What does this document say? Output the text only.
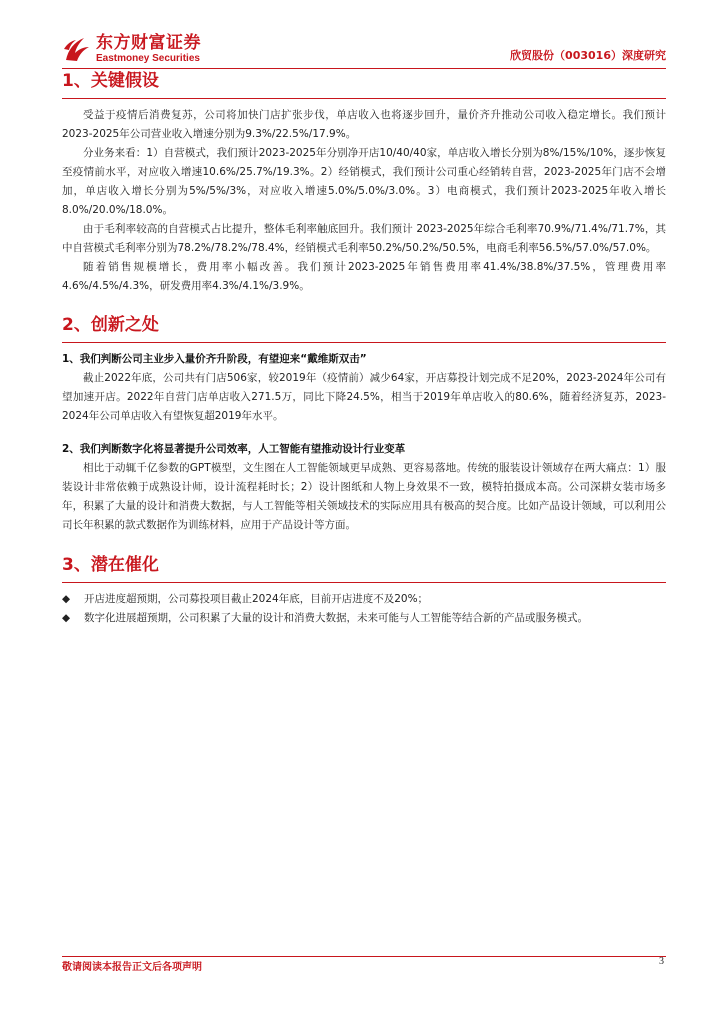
东方财富证券
Eastmoney Securities	欣贸股份（003016）深度研究
1、关键假设

受益于疫情后消费复苏，公司将加快门店扩张步伐，单店收入也将逐步回升，量价齐升推动公司收入稳定增长。我们预计2023-2025年公司营业收入增速分别为9.3%/22.5%/17.9%。

分业务来看：1）自营模式，我们预计2023-2025年分别净开店10/40/40家，单店收入增长分别为8%/15%/10%，逐步恢复至疫情前水平，对应收入增速10.6%/25.7%/19.3%。2）经销模式，我们预计公司重心经销转自营，2023-2025年门店不会增加，单店收入增长分别为5%/5%/3%，对应收入增速5.0%/5.0%/3.0%。3）电商模式，我们预计2023-2025年收入增长8.0%/20.0%/18.0%。

由于毛利率较高的自营模式占比提升，整体毛利率触底回升。我们预计 2023-2025年综合毛利率70.9%/71.4%/71.7%，其中自营模式毛利率分别为78.2%/78.2%/78.4%，经销模式毛利率50.2%/50.2%/50.5%，电商毛利率56.5%/57.0%/57.0%。

随着销售规模增长，费用率小幅改善。我们预计2023-2025年销售费用率41.4%/38.8%/37.5%，管理费用率4.6%/4.5%/4.3%，研发费用率4.3%/4.1%/3.9%。

2、创新之处
1、我们判断公司主业步入量价齐升阶段，有望迎来“戴维斯双击”

截止2022年底，公司共有门店506家，较2019年（疫情前）减少64家，开店募投计划完成不足20%，2023-2024年公司有望加速开店。2022年自营门店单店收入271.5万，同比下降24.5%，相当于2019年单店收入的80.6%，随着经济复苏，2023-2024年公司单店收入有望恢复超2019年水平。

2、我们判断数字化将显著提升公司效率，人工智能有望推动设计行业变革

相比于动辄千亿参数的GPT模型，文生图在人工智能领域更早成熟、更容易落地。传统的服装设计领域存在两大痛点：1）服装设计非常依赖于成熟设计师，设计流程耗时长；2）设计图纸和人物上身效果不一致，模特拍摄成本高。公司深耕女装市场多年，积累了大量的设计和消费大数据，与人工智能等相关领域技术的实际应用具有极高的契合度。比如产品设计领域，可以利用公司长年积累的款式数据作为训练材料，应用于产品设计等方面。

3、潜在催化
◆	开店进度超预期，公司募投项目截止2024年底，目前开店进度不及20%；
◆	数字化进展超预期，公司积累了大量的设计和消费大数据，未来可能与人工智能等结合新的产品或服务模式。
敬请阅读本报告正文后各项声明
3
